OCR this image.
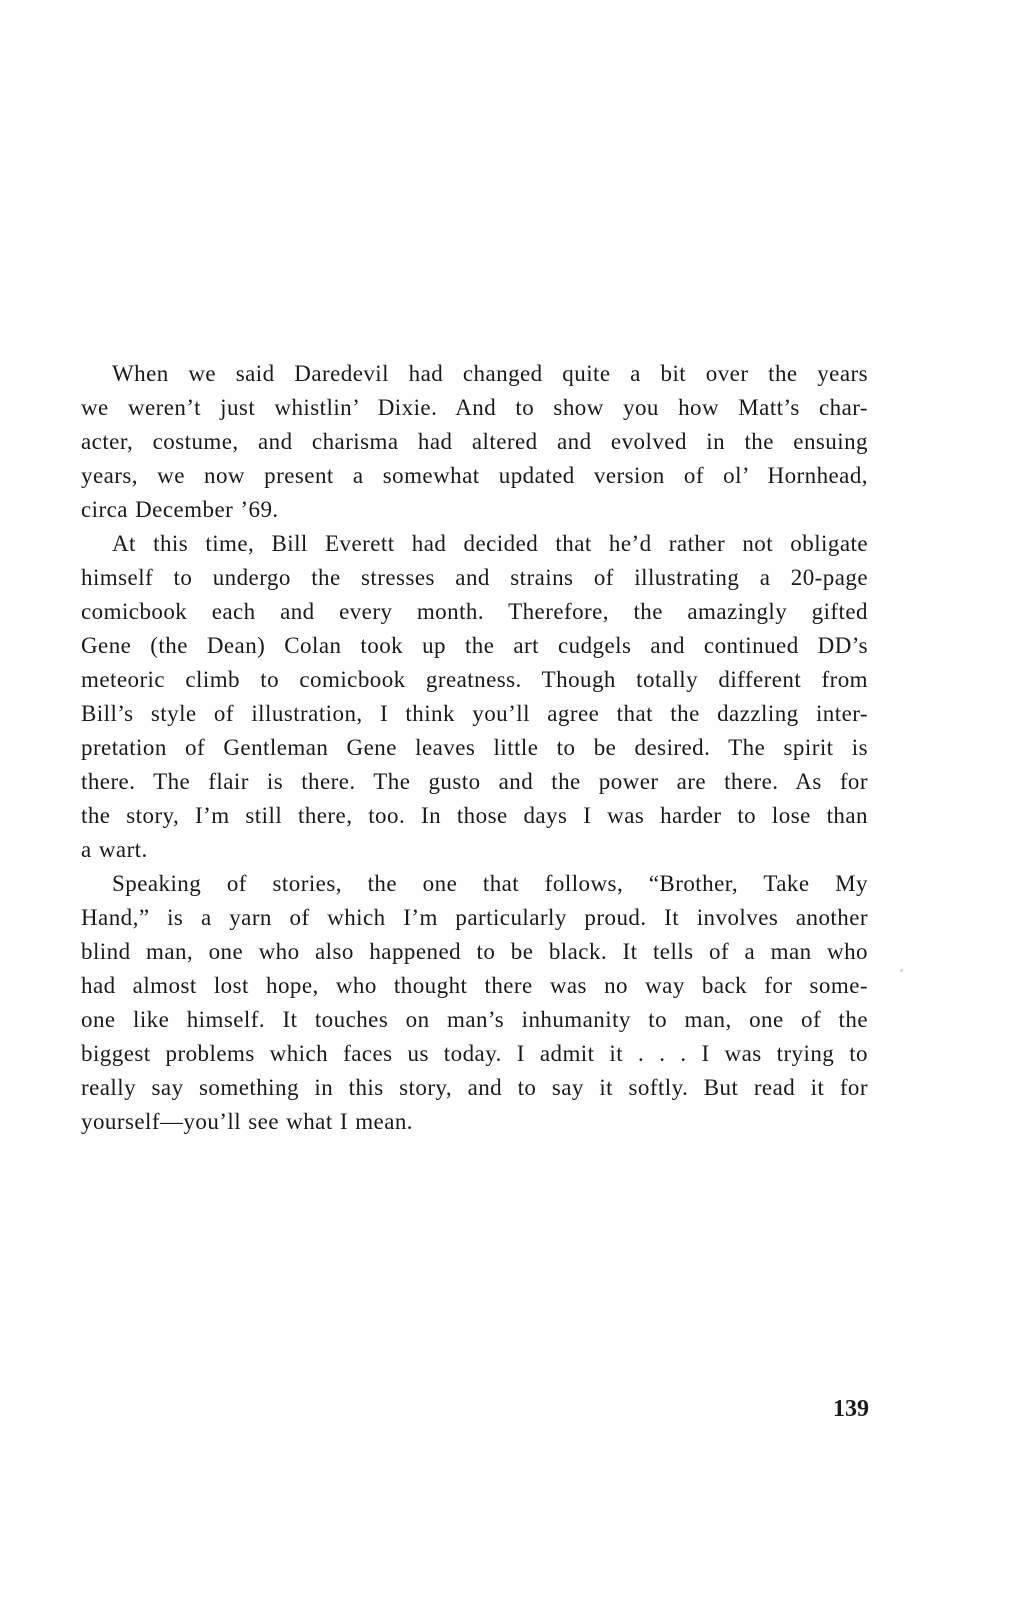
When we said Daredevil had changed quite a bit over the years
we weren’t just whistlin’ Dixie. And to show you how Matt’s char-
acter, costume, and charisma had altered and evolved in the ensuing
years, we now present a somewhat updated version of ol’ Hornhead,
circa December ’69.
At this time, Bill Everett had decided that he’d rather not obligate
himself to undergo the stresses and strains of illustrating a 20-page
comicbook each and every month. Therefore, the amazingly gifted
Gene (the Dean) Colan took up the art cudgels and continued DD’s
meteoric climb to comicbook greatness. Though totally different from
Bill’s style of illustration, I think you’ll agree that the dazzling inter-
pretation of Gentleman Gene leaves little to be desired. The spirit is
there. The flair is there. The gusto and the power are there. As for
the story, I’m still there, too. In those days I was harder to lose than
a wart.
Speaking of stories, the one that follows, “Brother, Take My
Hand,” is a yarn of which I’m particularly proud. It involves another
blind man, one who also happened to be black. It tells of a man who
had almost lost hope, who thought there was no way back for some-
one like himself. It touches on man’s inhumanity to man, one of the
biggest problems which faces us today. I admit it . . . I was trying to
really say something in this story, and to say it softly. But read it for
yourself—you’ll see what I mean.
139
